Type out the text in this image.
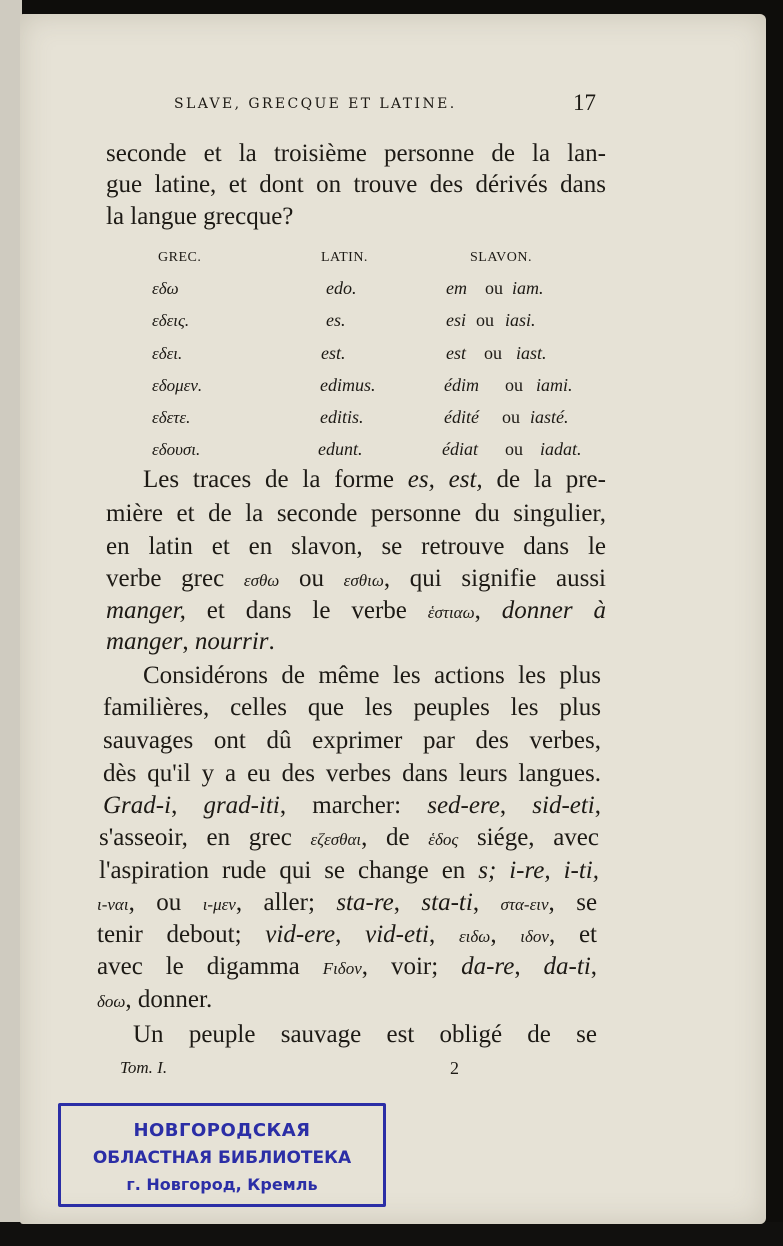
SLAVE, GRECQUE ET LATINE.	17
seconde et la troisième personne de la lan-
gue latine, et dont on trouve des dérivés dans
la langue grecque?
GREC.	LATIN.	SLAVON.
εδω	edo.	em ou iam.
εδεις.	es.	esi ou iasi.
εδει.	est.	est ou iast.
εδομεν.	edimus.	édim ou iami.
εδετε.	editis.	édité ou iasté.
εδουσι.	edunt.	édiat ou iadat.
Les traces de la forme es, est, de la pre-
mière et de la seconde personne du singulier,
en latin et en slavon, se retrouve dans le
verbe grec εσθω ou εσθιω, qui signifie aussi
manger, et dans le verbe ἑστιαω, donner à
manger, nourrir.
Considérons de même les actions les plus
familières, celles que les peuples les plus
sauvages ont dû exprimer par des verbes,
dès qu'il y a eu des verbes dans leurs langues.
Grad-i, grad-iti, marcher: sed-ere, sid-eti,
s'asseoir, en grec εζεσθαι, de ἑδος siége, avec
l'aspiration rude qui se change en s; i-re, i-ti,
ι-ναι, ou ι-μεν, aller; sta-re, sta-ti, στα-ειν, se
tenir debout; vid-ere, vid-eti, ειδω, ιδον, et
avec le digamma Fιδον, voir; da-re, da-ti,
δοω, donner.
Un peuple sauvage est obligé de se
Tom. I.	2
НОВГОРОДСКАЯ
ОБЛАСТНАЯ БИБЛИОТЕКА
г. Новгород, Кремль
